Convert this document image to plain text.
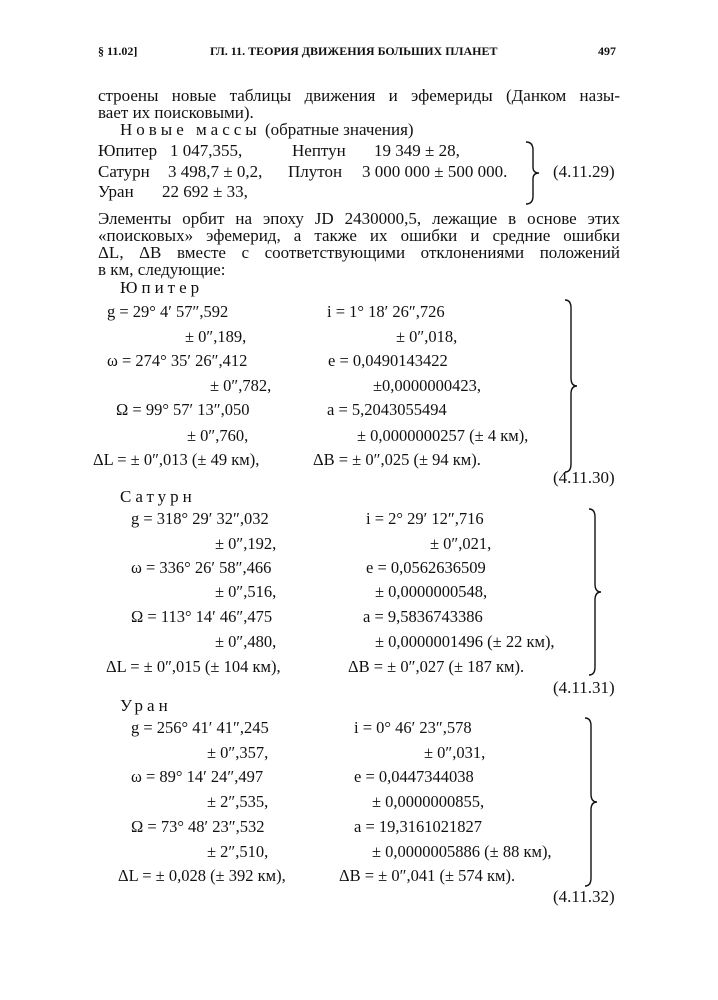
§ 11.02]	ГЛ. 11. ТЕОРИЯ ДВИЖЕНИЯ БОЛЬШИХ ПЛАНЕТ	497
строены новые таблицы движения и эфемериды (Данком назы-
вает их поисковыми).
Новые массы (обратные значения)
Юпитер 1 047,355,	Нептун 19 349 ± 28,
Сатурн 3 498,7 ± 0,2, Плутон 3 000 000 ± 500 000.
Уран 22 692 ± 33,
(4.11.29)
Элементы орбит на эпоху JD 2430000,5, лежащие в основе этих
«поисковых» эфемерид, а также их ошибки и средние ошибки
ΔL, ΔB вместе с соответствующими отклонениями положений
в км, следующие:
Юпитер
g = 29° 4′ 57″,592	i = 1° 18′ 26″,726
± 0″,189,	± 0″,018,
ω = 274° 35′ 26″,412	e = 0,0490143422
± 0″,782,	±0,0000000423,
Ω = 99° 57′ 13″,050	a = 5,2043055494
± 0″,760,	± 0,0000000257 (± 4 км),
ΔL = ± 0″,013 (± 49 км),	ΔB = ± 0″,025 (± 94 км).
(4.11.30)
Сатурн
g = 318° 29′ 32″,032	i = 2° 29′ 12″,716
± 0″,192,	± 0″,021,
ω = 336° 26′ 58″,466	e = 0,0562636509
± 0″,516,	± 0,0000000548,
Ω = 113° 14′ 46″,475	a = 9,5836743386
± 0″,480,	± 0,0000001496 (± 22 км),
ΔL = ± 0″,015 (± 104 км),	ΔB = ± 0″,027 (± 187 км).
(4.11.31)
Уран
g = 256° 41′ 41″,245	i = 0° 46′ 23″,578
± 0″,357,	± 0″,031,
ω = 89° 14′ 24″,497	e = 0,0447344038
± 2″,535,	± 0,0000000855,
Ω = 73° 48′ 23″,532	a = 19,3161021827
± 2″,510,	± 0,0000005886 (± 88 км),
ΔL = ± 0,028 (± 392 км),	ΔB = ± 0″,041 (± 574 км).
(4.11.32)
